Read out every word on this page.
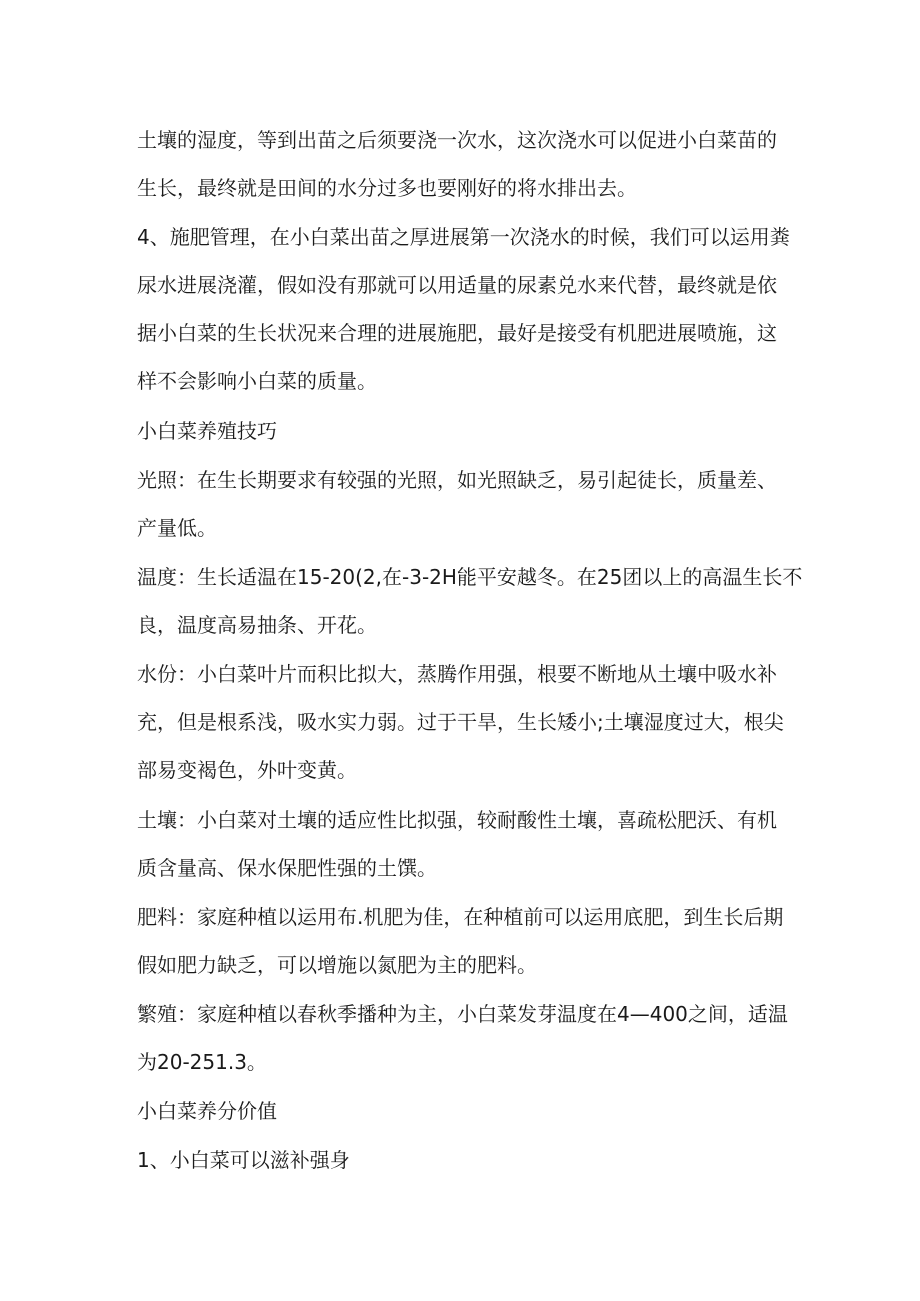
土壤的湿度，等到出苗之后须要浇一次水，这次浇水可以促进小白菜苗的
生长，最终就是田间的水分过多也要刚好的将水排出去。

4、施肥管理，在小白菜出苗之厚进展第一次浇水的时候，我们可以运用粪
尿水进展浇灌，假如没有那就可以用适量的尿素兑水来代替，最终就是依
据小白菜的生长状况来合理的进展施肥，最好是接受有机肥进展喷施，这
样不会影响小白菜的质量。

小白菜养殖技巧

光照：在生长期要求有较强的光照，如光照缺乏，易引起徒长，质量差、
产量低。

温度：生长适温在15-20(2,在-3-2H能平安越冬。在25团以上的高温生长不
良，温度高易抽条、开花。

水份：小白菜叶片而积比拟大，蒸腾作用强，根要不断地从土壤中吸水补
充，但是根系浅，吸水实力弱。过于干旱，生长矮小;土壤湿度过大，根尖
部易变褐色，外叶变黄。

土壤：小白菜对土壤的适应性比拟强，较耐酸性土壤，喜疏松肥沃、有机
质含量高、保水保肥性强的土馔。

肥料：家庭种植以运用布.机肥为佳，在种植前可以运用底肥，到生长后期
假如肥力缺乏，可以增施以氮肥为主的肥料。

繁殖：家庭种植以春秋季播种为主，小白菜发芽温度在4—400之间，适温
为20-251.3。

小白菜养分价值

1、小白菜可以滋补强身
